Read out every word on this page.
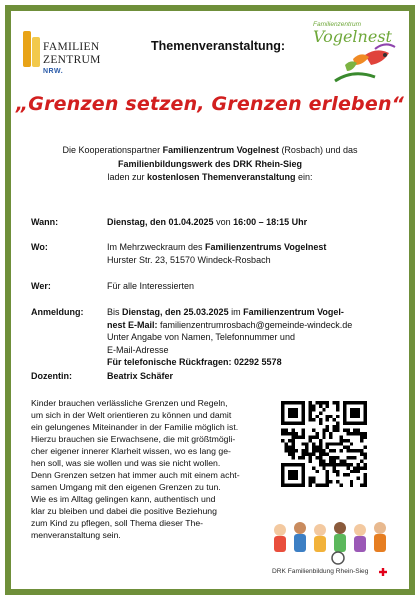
FAMILIEN
ZENTRUM
NRW.
Themenveranstaltung:
Familienzentrum
Vogelnest
„Grenzen setzen, Grenzen erleben“
Die Kooperationspartner Familienzentrum Vogelnest (Rosbach) und das
Familienbildungswerk des DRK Rhein-Sieg
laden zur kostenlosen Themenveranstaltung ein:
Wann:	Dienstag, den 01.04.2025 von 16:00 – 18:15 Uhr
Wo:	Im Mehrzweckraum des Familienzentrums Vogelnest
Hurster Str. 23, 51570 Windeck-Rosbach
Wer:	Für alle Interessierten
Anmeldung:	Bis Dienstag, den 25.03.2025 im Familienzentrum Vogel-
nest E-Mail: familienzentrumrosbach@gemeinde-windeck.de
Unter Angabe von Namen, Telefonnummer und
E-Mail-Adresse
Für telefonische Rückfragen: 02292 5578
Dozentin:	Beatrix Schäfer

Kinder brauchen verlässliche Grenzen und Regeln,

um sich in der Welt orientieren zu können und damit

ein gelungenes Miteinander in der Familie möglich ist.

Hierzu brauchen sie Erwachsene, die mit größtmögli-

cher eigener innerer Klarheit wissen, wo es lang ge-

hen soll, was sie wollen und was sie nicht wollen.

Denn Grenzen setzen hat immer auch mit einem acht-

samen Umgang mit den eigenen Grenzen zu tun.

Wie es im Alltag gelingen kann, authentisch und

klar zu bleiben und dabei die positive Beziehung

zum Kind zu pflegen, soll Thema dieser The-

menveranstaltung sein.

DRK Familienbildung Rhein-Sieg
